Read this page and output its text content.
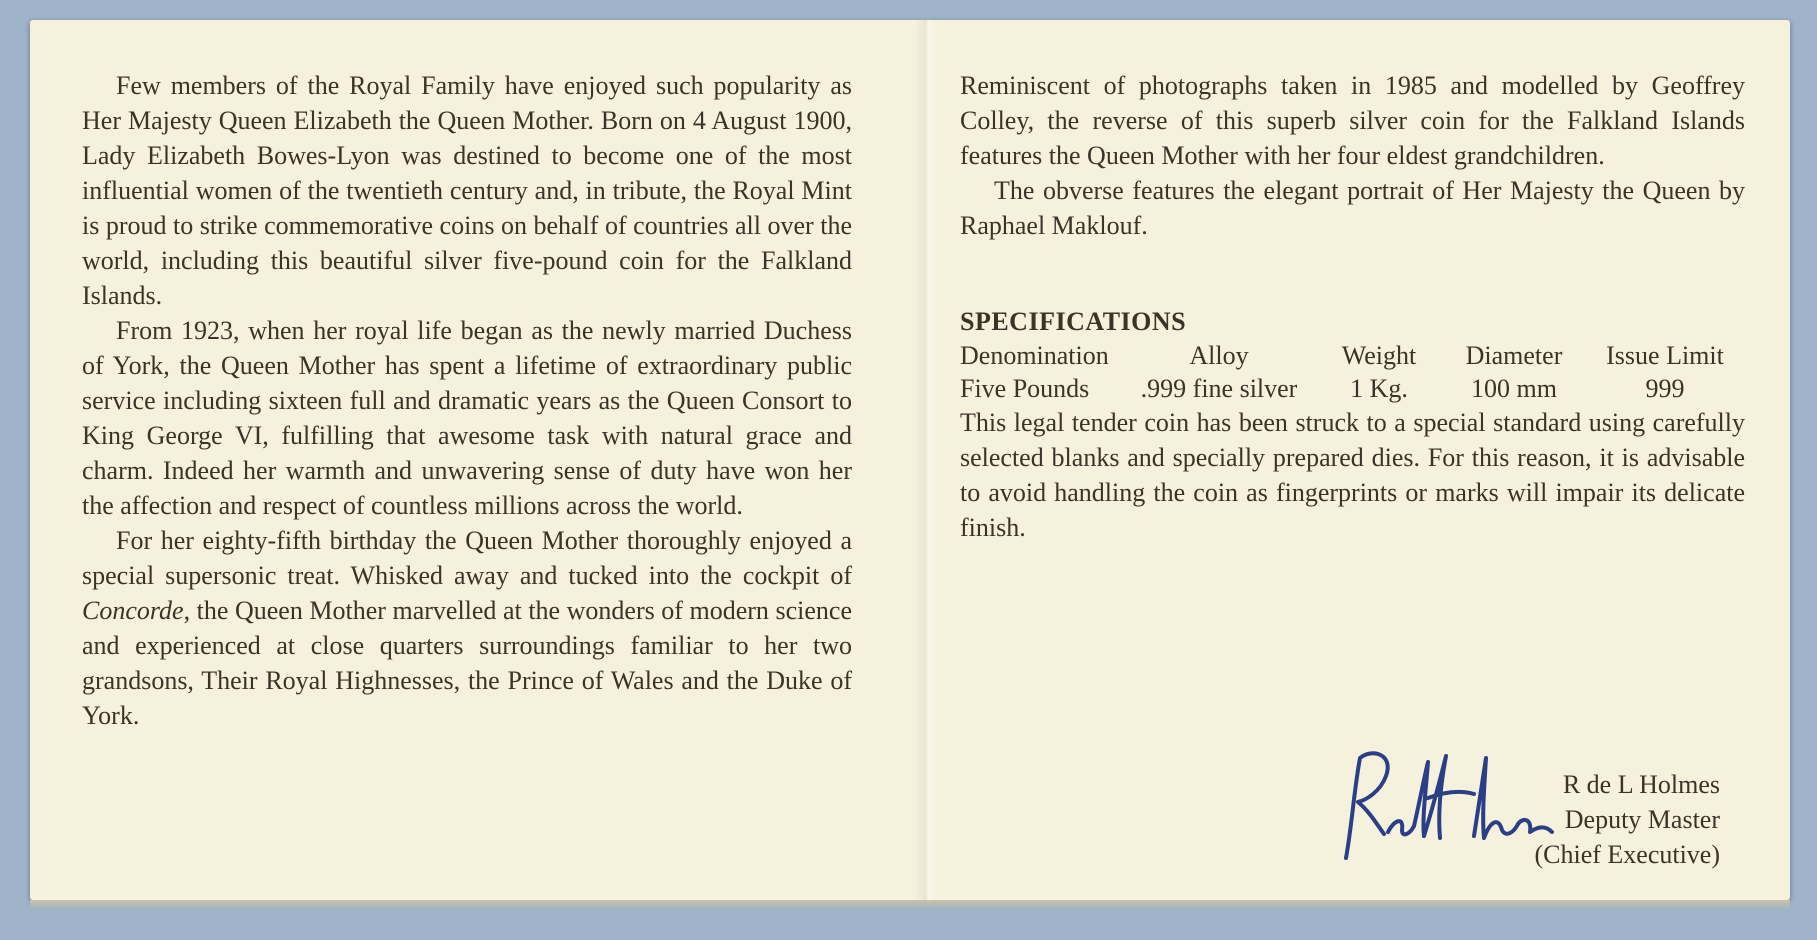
Few members of the Royal Family have enjoyed such popularity as Her Majesty Queen Elizabeth the Queen Mother. Born on 4 August 1900, Lady Elizabeth Bowes-Lyon was destined to become one of the most influential women of the twentieth century and, in tribute, the Royal Mint is proud to strike commemorative coins on behalf of countries all over the world, including this beautiful silver five-pound coin for the Falkland Islands.

From 1923, when her royal life began as the newly married Duchess of York, the Queen Mother has spent a lifetime of extraordinary public service including sixteen full and dramatic years as the Queen Consort to King George VI, fulfilling that awesome task with natural grace and charm. Indeed her warmth and unwavering sense of duty have won her the affection and respect of countless millions across the world.

For her eighty-fifth birthday the Queen Mother thoroughly enjoyed a special supersonic treat. Whisked away and tucked into the cockpit of Concorde, the Queen Mother marvelled at the wonders of modern science and experienced at close quarters surroundings familiar to her two grandsons, Their Royal Highnesses, the Prince of Wales and the Duke of York.

Reminiscent of photographs taken in 1985 and modelled by Geoffrey Colley, the reverse of this superb silver coin for the Falkland Islands features the Queen Mother with her four eldest grandchildren.

The obverse features the elegant portrait of Her Majesty the Queen by Raphael Maklouf.

SPECIFICATIONS
Denomination	Alloy	Weight	Diameter	Issue Limit
Five Pounds	.999 fine silver	1 Kg.	100 mm	999

This legal tender coin has been struck to a special standard using carefully selected blanks and specially prepared dies. For this reason, it is advisable to avoid handling the coin as fingerprints or marks will impair its delicate finish.

R de L Holmes
Deputy Master
(Chief Executive)
